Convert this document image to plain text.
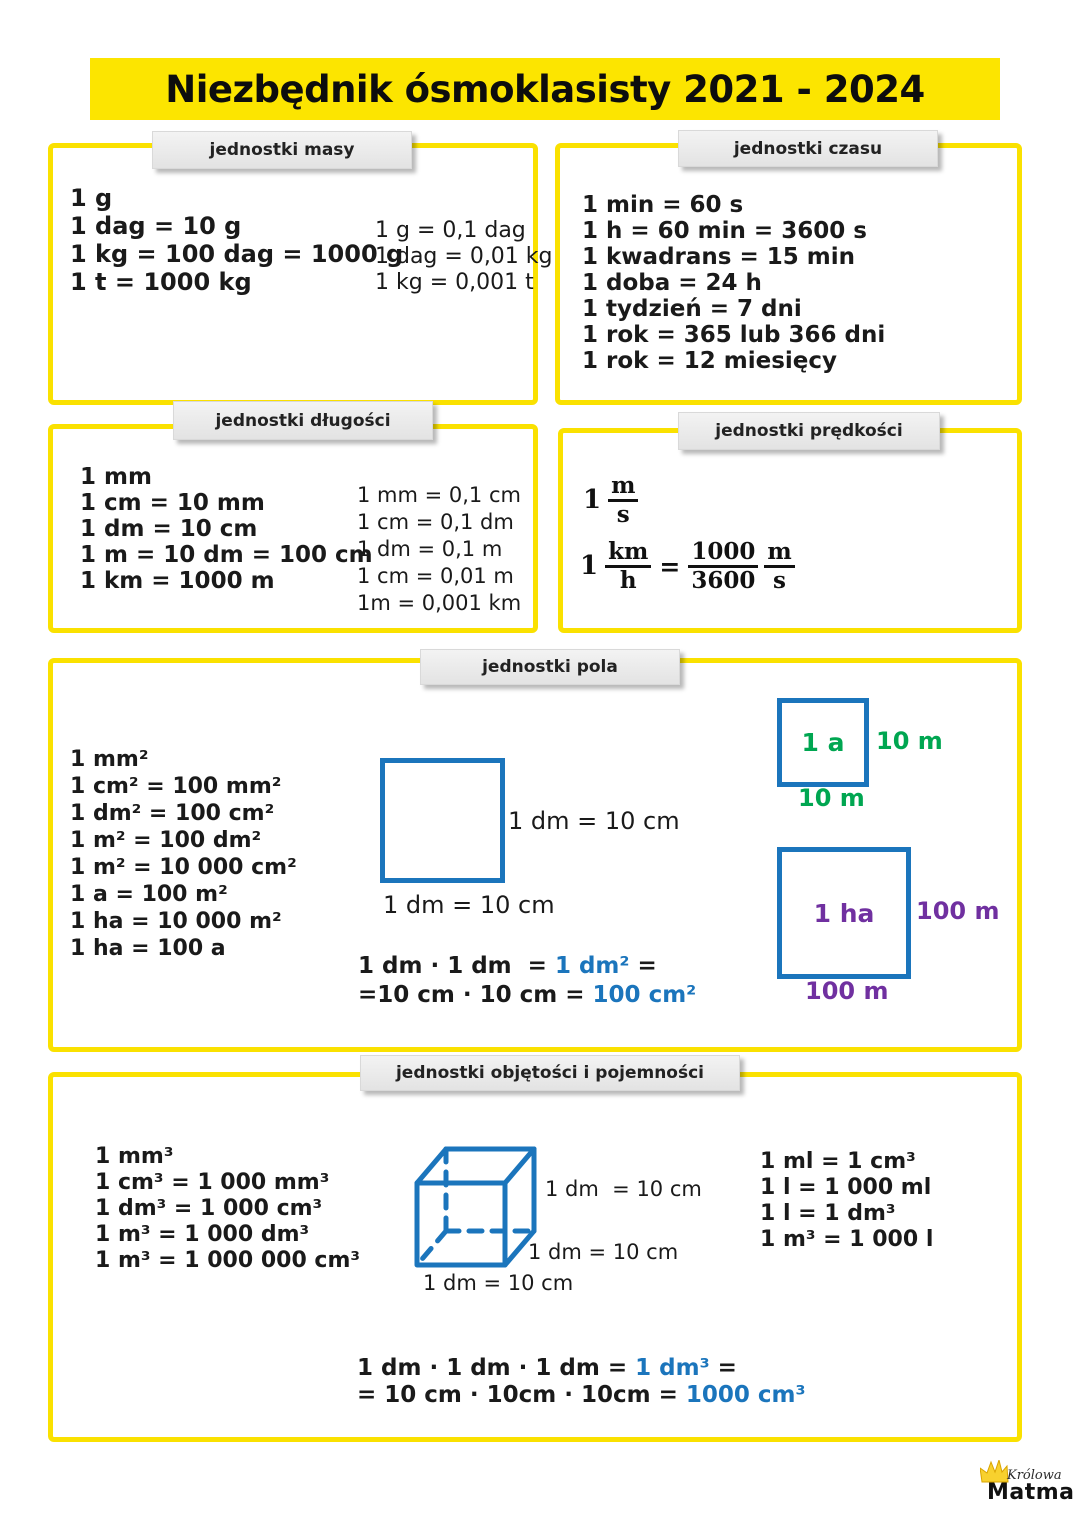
Niezbędnik ósmoklasisty 2021 - 2024
jednostki masy	jednostki czasu
jednostki długości
jednostki prędkości
jednostki pola
jednostki objętości i pojemności
1 g
1 dag = 10 g
1 kg = 100 dag = 1000 g
1 t = 1000 kg
1 g = 0,1 dag
1 dag = 0,01 kg
1 kg = 0,001 t
1 min = 60 s
1 h = 60 min = 3600 s
1 kwadrans = 15 min
1 doba = 24 h
1 tydzień = 7 dni
1 rok = 365 lub 366 dni
1 rok = 12 miesięcy
1 mm
1 cm = 10 mm
1 dm = 10 cm
1 m = 10 dm = 100 cm
1 km = 1000 m
1 mm = 0,1 cm
1 cm = 0,1 dm
1 dm = 0,1 m
1 cm = 0,01 m
1m = 0,001 km
$1 \frac{m}{s}$
$1 \frac{km}{h} = \frac{1000}{3600} \frac{m}{s}$
1 mm²
1 cm² = 100 mm²
1 dm² = 100 cm²
1 m² = 100 dm²
1 m² = 10 000 cm²
1 a = 100 m²
1 ha = 10 000 m²
1 ha = 100 a
1 dm = 10 cm
1 dm = 10 cm
1 dm · 1 dm  = 1 dm² =
=10 cm · 10 cm = 100 cm²
1 a 10 m
10 m
1 ha 100 m
100 m
1 mm³
1 cm³ = 1 000 mm³
1 dm³ = 1 000 cm³
1 m³ = 1 000 dm³
1 m³ = 1 000 000 cm³
1 dm  = 10 cm
1 dm = 10 cm
1 dm = 10 cm
1 ml = 1 cm³
1 l = 1 000 ml
1 l = 1 dm³
1 m³ = 1 000 l
1 dm · 1 dm · 1 dm = 1 dm³ =
= 10 cm · 10cm · 10cm = 1000 cm³
Królowa
Matma
